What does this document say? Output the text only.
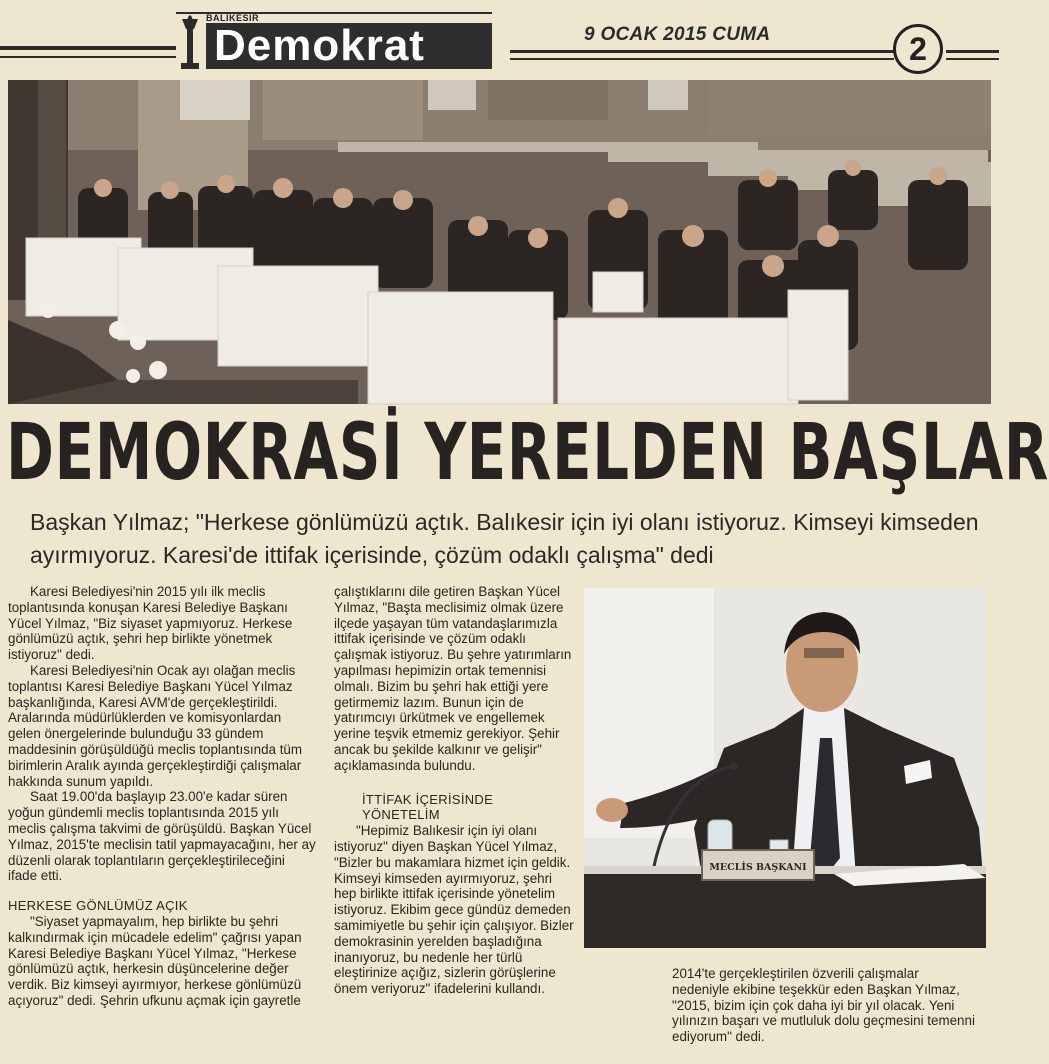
BALIKESİR
Demokrat	9 OCAK 2015 CUMA	2
DEMOKRASİ YERELDEN BAŞLAR
Başkan Yılmaz; "Herkese gönlümüzü açtık. Balıkesir için iyi olanı istiyoruz. Kimseyi kimseden ayırmıyoruz. Karesi'de ittifak içerisinde, çözüm odaklı çalışma" dedi

Karesi Belediyesi'nin 2015 yılı ilk meclis toplantısında konuşan Karesi Belediye Başkanı Yücel Yılmaz, "Biz siyaset yapmıyoruz. Herkese gönlümüzü açtık, şehri hep birlikte yönetmek istiyoruz" dedi.

Karesi Belediyesi'nin Ocak ayı olağan meclis toplantısı Karesi Belediye Başkanı Yücel Yılmaz başkanlığında, Karesi AVM'de gerçekleştirildi. Aralarında müdürlüklerden ve komisyonlardan gelen önergelerinde bulunduğu 33 gündem maddesinin görüşüldüğü meclis toplantısında tüm birimlerin Aralık ayında gerçekleştirdiği çalışmalar hakkında sunum yapıldı.

Saat 19.00'da başlayıp 23.00'e kadar süren yoğun gündemli meclis toplantısında 2015 yılı meclis çalışma takvimi de görüşüldü. Başkan Yücel Yılmaz, 2015'te meclisin tatil yapmayacağını, her ay düzenli olarak toplantıların gerçekleştirileceğini ifade etti.

HERKESE GÖNLÜMÜZ AÇIK

"Siyaset yapmayalım, hep birlikte bu şehri kalkındırmak için mücadele edelim" çağrısı yapan Karesi Belediye Başkanı Yücel Yılmaz, "Herkese gönlümüzü açtık, herkesin düşüncelerine değer verdik. Biz kimseyi ayırmıyor, herkese gönlümüzü açıyoruz" dedi. Şehrin ufkunu açmak için gayretle

çalıştıklarını dile getiren Başkan Yücel Yılmaz, "Başta meclisimiz olmak üzere ilçede yaşayan tüm vatandaşlarımızla ittifak içerisinde ve çözüm odaklı çalışmak istiyoruz. Bu şehre yatırımların yapılması hepimizin ortak temennisi olmalı. Bizim bu şehri hak ettiği yere getirmemiz lazım. Bunun için de yatırımcıyı ürkütmek ve engellemek yerine teşvik etmemiz gerekiyor. Şehir ancak bu şekilde kalkınır ve gelişir" açıklamasında bulundu.

İTTİFAK İÇERİSİNDE

YÖNETELİM

"Hepimiz Balıkesir için iyi olanı istiyoruz" diyen Başkan Yücel Yılmaz, "Bizler bu makamlara hizmet için geldik. Kimseyi kimseden ayırmıyoruz, şehri hep birlikte ittifak içerisinde yönetelim istiyoruz. Ekibim gece gündüz demeden samimiyetle bu şehir için çalışıyor. Bizler demokrasinin yerelden başladığına inanıyoruz, bu nedenle her türlü eleştirinize açığız, sizlerin görüşlerine önem veriyoruz" ifadelerini kullandı.

MECLİS BAŞKANI

2014'te gerçekleştirilen özverili çalışmalar nedeniyle ekibine teşekkür eden Başkan Yılmaz, "2015, bizim için çok daha iyi bir yıl olacak. Yeni yılınızın başarı ve mutluluk dolu geçmesini temenni ediyorum" dedi.
